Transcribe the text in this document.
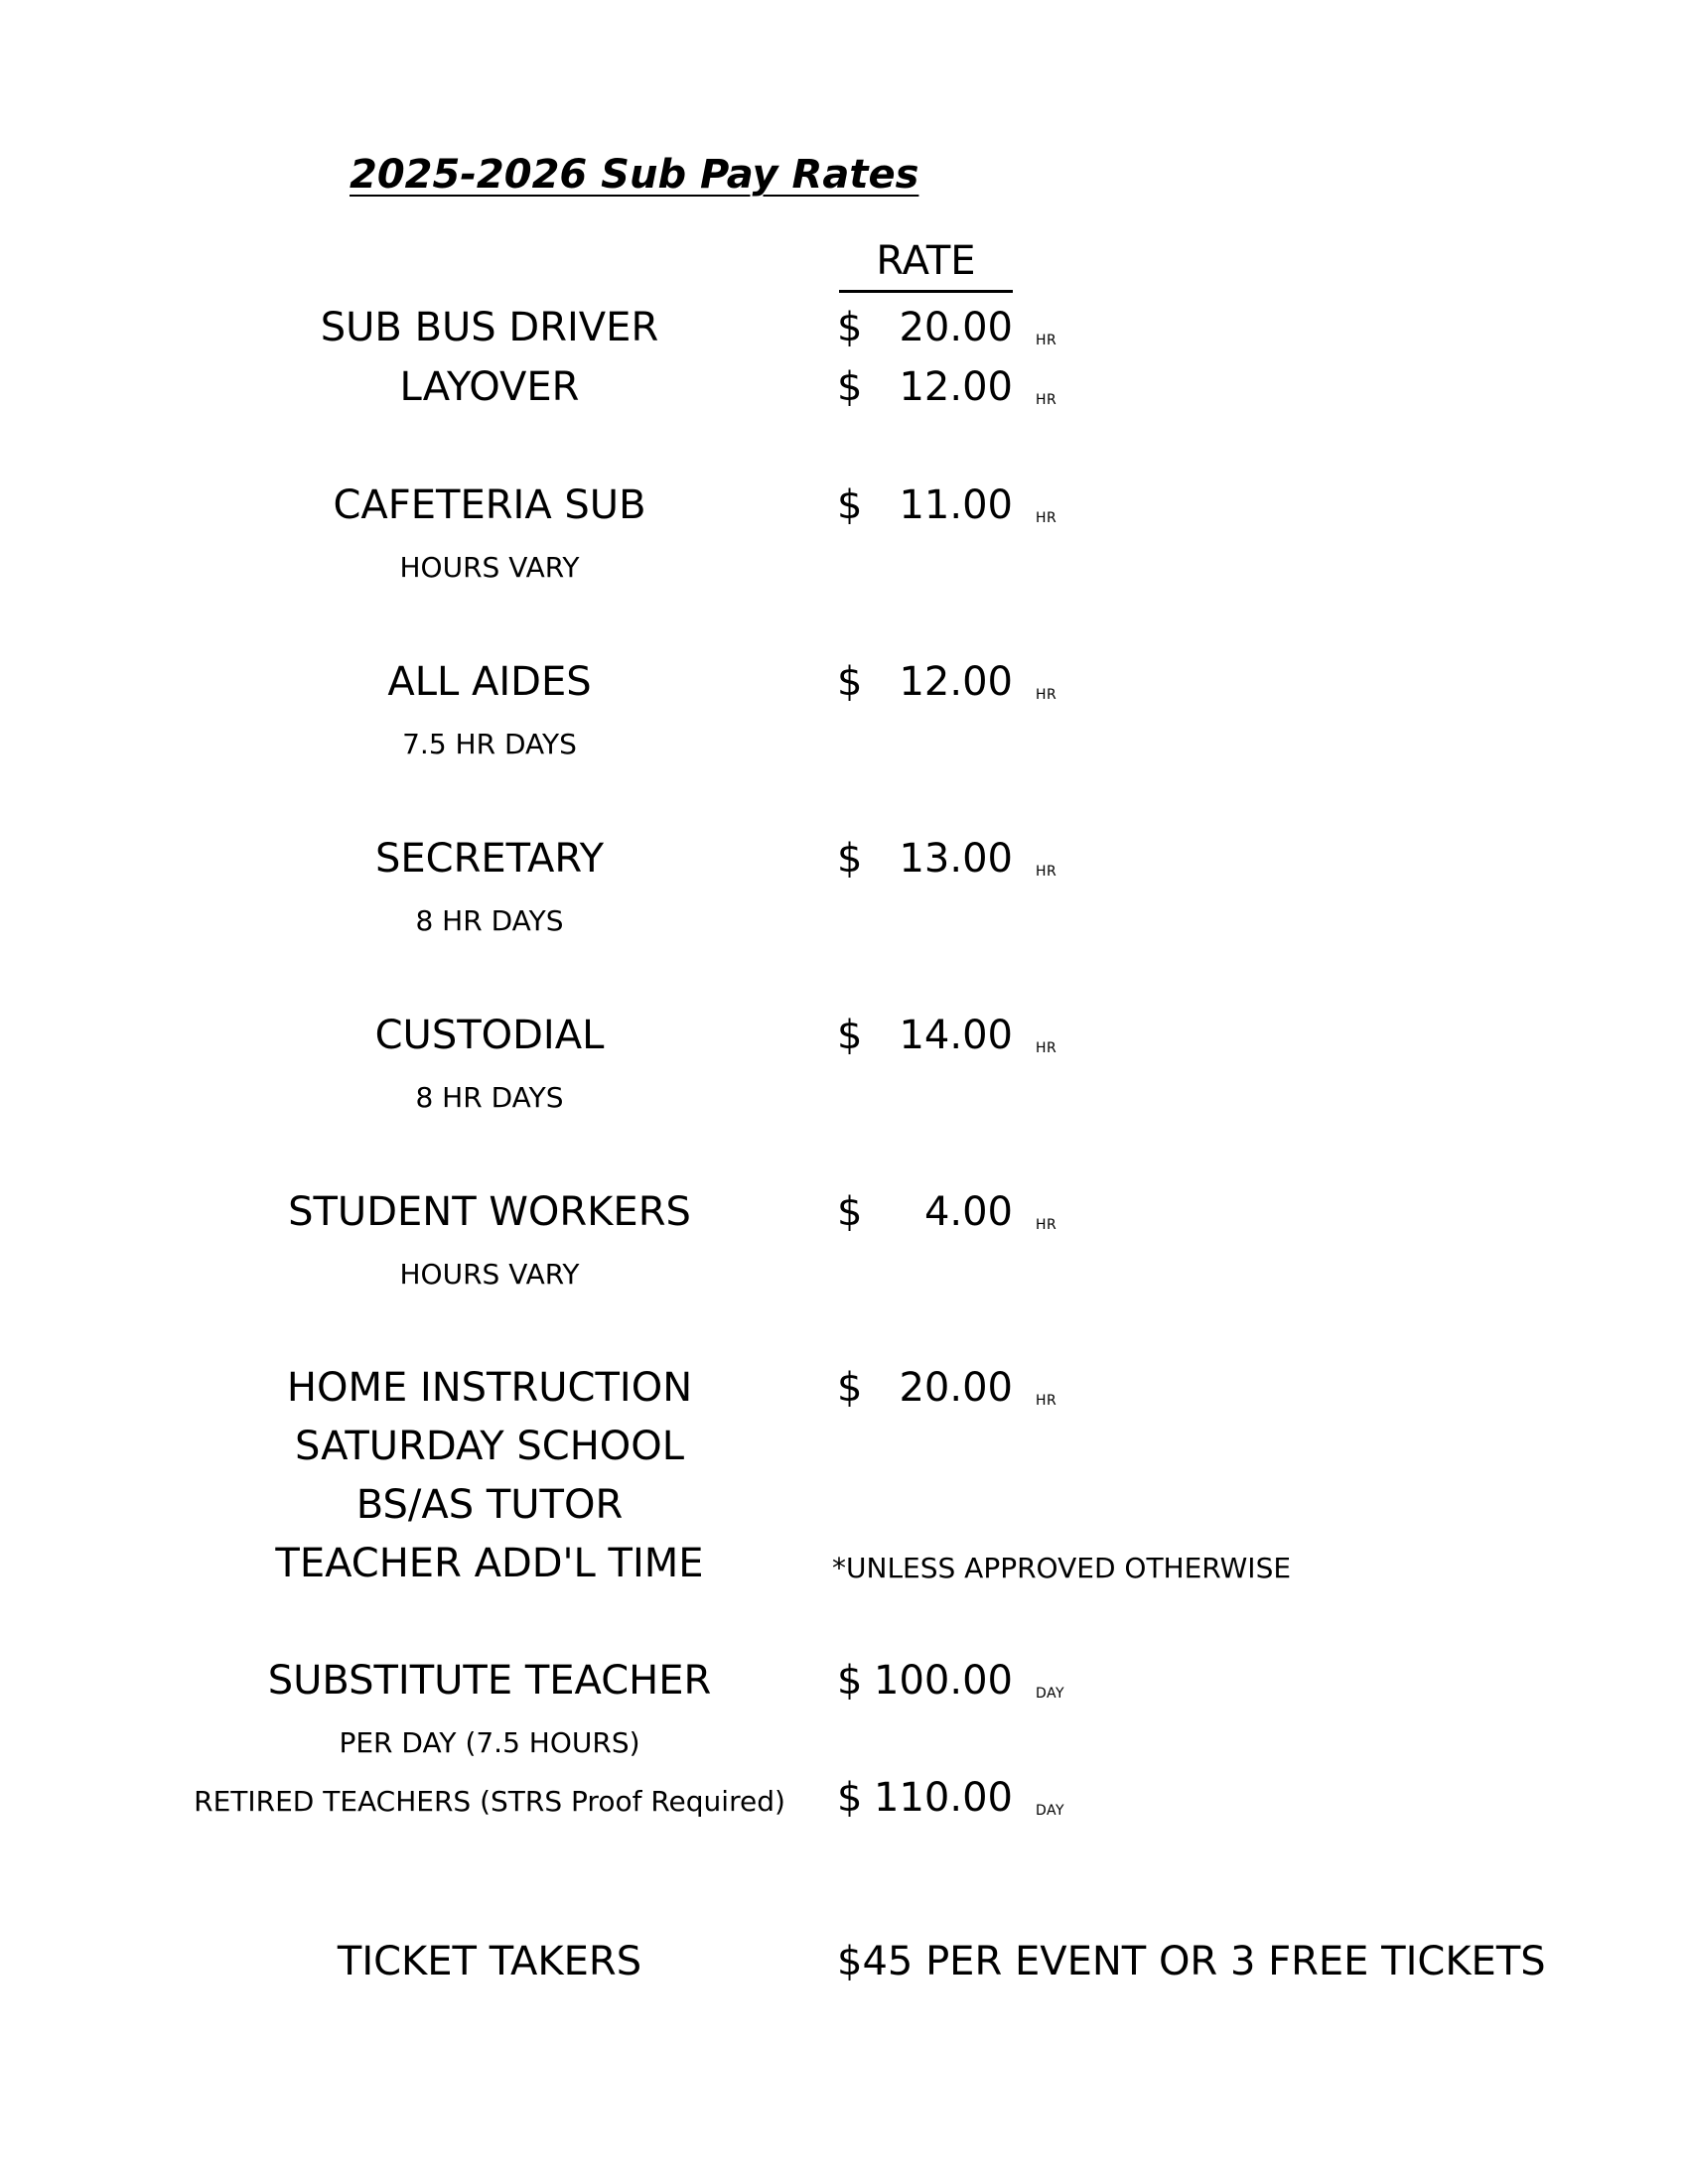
2025-2026 Sub Pay Rates
RATE
SUB BUS DRIVER	$ 20.00 HR
LAYOVER	$ 12.00 HR
CAFETERIA SUB	$ 11.00 HR
HOURS VARY
ALL AIDES	$ 12.00 HR
7.5 HR DAYS
SECRETARY	$ 13.00 HR
8 HR DAYS
CUSTODIAL	$ 14.00 HR
8 HR DAYS
STUDENT WORKERS	$	4.00 HR
HOURS VARY
HOME INSTRUCTION	$ 20.00 HR
SATURDAY SCHOOL
BS/AS TUTOR
TEACHER ADD'L TIME	*UNLESS APPROVED OTHERWISE
SUBSTITUTE TEACHER	$ 100.00 DAY
PER DAY (7.5 HOURS)
RETIRED TEACHERS (STRS Proof Required) $ 110.00 DAY
TICKET TAKERS	$45 PER EVENT OR 3 FREE TICKETS
